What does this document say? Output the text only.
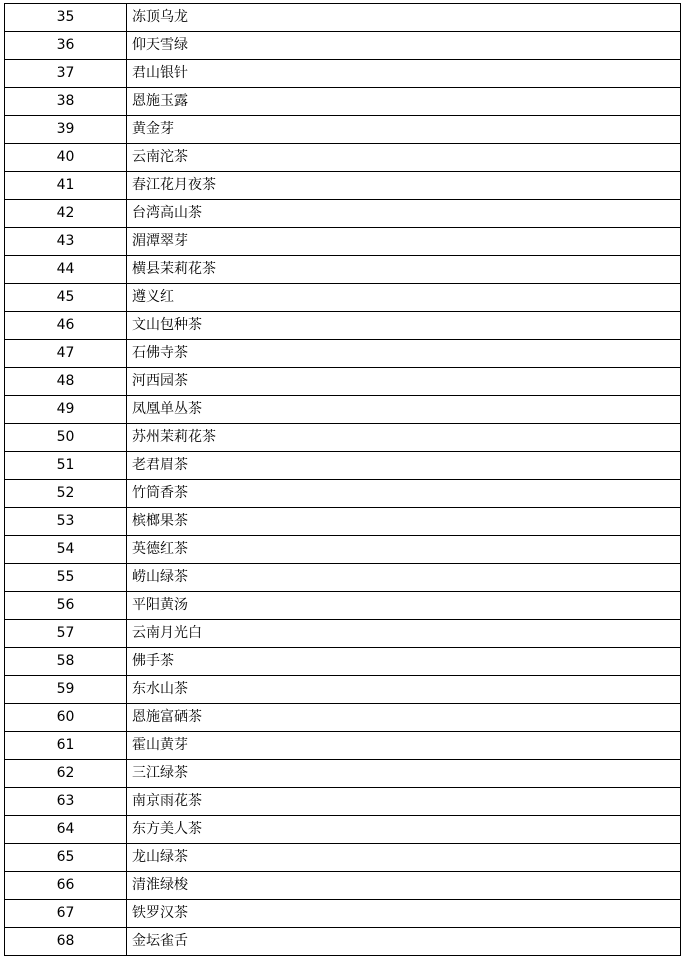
35	冻顶乌龙
36	仰天雪绿
37	君山银针
38	恩施玉露
39	黄金芽
40	云南沱茶
41	春江花月夜茶
42	台湾高山茶
43	湄潭翠芽
44	横县茉莉花茶
45	遵义红
46	文山包种茶
47	石佛寺茶
48	河西园茶
49	凤凰单丛茶
50	苏州茉莉花茶
51	老君眉茶
52	竹筒香茶
53	槟榔果茶
54	英德红茶
55	崂山绿茶
56	平阳黄汤
57	云南月光白
58	佛手茶
59	东水山茶
60	恩施富硒茶
61	霍山黄芽
62	三江绿茶
63	南京雨花茶
64	东方美人茶
65	龙山绿茶
66	清淮绿梭
67	铁罗汉茶
68	金坛雀舌
